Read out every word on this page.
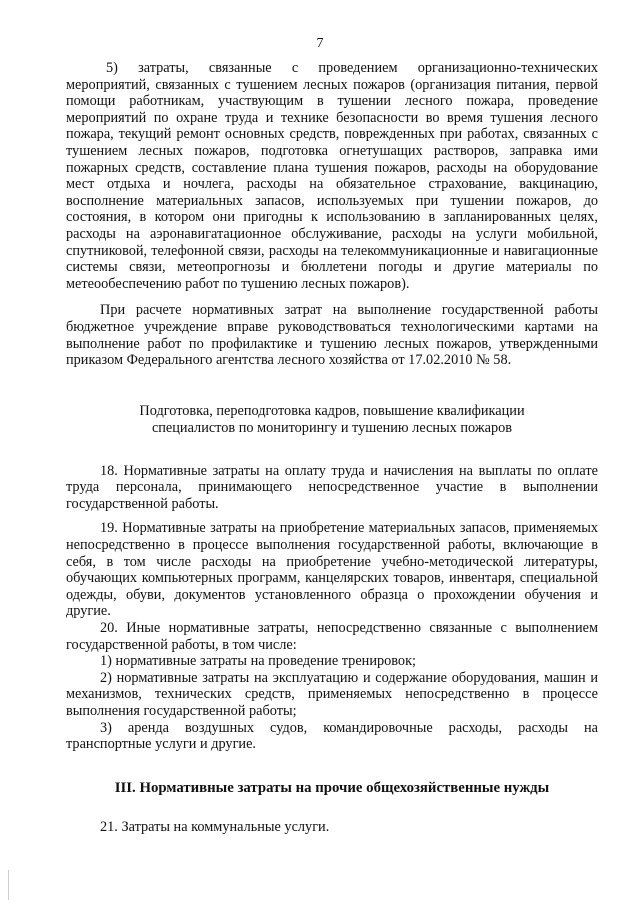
7

5) затраты, связанные с проведением организационно-технических мероприятий, связанных с тушением лесных пожаров (организация питания, первой помощи работникам, участвующим в тушении лесного пожара, проведение мероприятий по охране труда и технике безопасности во время тушения лесного пожара, текущий ремонт основных средств, поврежденных при работах, связанных с тушением лесных пожаров, подготовка огнетушащих растворов, заправка ими пожарных средств, составление плана тушения пожаров, расходы на оборудование мест отдыха и ночлега, расходы на обязательное страхование, вакцинацию, восполнение материальных запасов, используемых при тушении пожаров, до состояния, в котором они пригодны к использованию в запланированных целях, расходы на аэронавигатационное обслуживание, расходы на услуги мобильной, спутниковой, телефонной связи, расходы на телекоммуникационные и навигационные системы связи, метеопрогнозы и бюллетени погоды и другие материалы по метеообеспечению работ по тушению лесных пожаров).

При расчете нормативных затрат на выполнение государственной работы бюджетное учреждение вправе руководствоваться технологическими картами на выполнение работ по профилактике и тушению лесных пожаров, утвержденными приказом Федерального агентства лесного хозяйства от 17.02.2010 № 58.

Подготовка, переподготовка кадров, повышение квалификации
специалистов по мониторингу и тушению лесных пожаров

18. Нормативные затраты на оплату труда и начисления на выплаты по оплате труда персонала, принимающего непосредственное участие в выполнении государственной работы.

19. Нормативные затраты на приобретение материальных запасов, применяемых непосредственно в процессе выполнения государственной работы, включающие в себя, в том числе расходы на приобретение учебно-методической литературы, обучающих компьютерных программ, канцелярских товаров, инвентаря, специальной одежды, обуви, документов установленного образца о прохождении обучения и другие.

20. Иные нормативные затраты, непосредственно связанные с выполнением государственной работы, в том числе:

1) нормативные затраты на проведение тренировок;

2) нормативные затраты на эксплуатацию и содержание оборудования, машин и механизмов, технических средств, применяемых непосредственно в процессе выполнения государственной работы;

3) аренда воздушных судов, командировочные расходы, расходы на транспортные услуги и другие.

III. Нормативные затраты на прочие общехозяйственные нужды

21. Затраты на коммунальные услуги.
